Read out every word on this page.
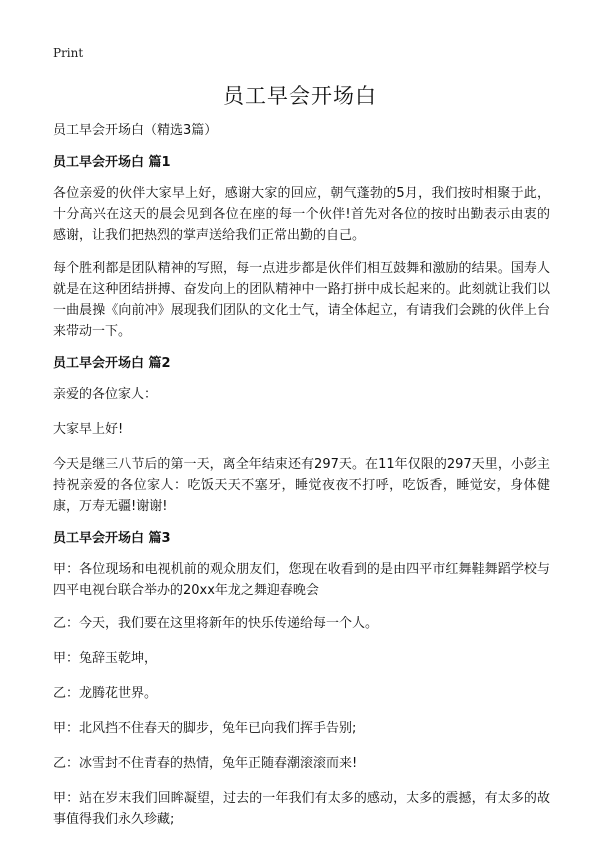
Print
员工早会开场白

员工早会开场白（精选3篇）

员工早会开场白 篇1

各位亲爱的伙伴大家早上好，感谢大家的回应，朝气蓬勃的5月，我们按时相聚于此，十分高兴在这天的晨会见到各位在座的每一个伙伴!首先对各位的按时出勤表示由衷的感谢，让我们把热烈的掌声送给我们正常出勤的自己。

每个胜利都是团队精神的写照，每一点进步都是伙伴们相互鼓舞和激励的结果。国寿人就是在这种团结拼搏、奋发向上的团队精神中一路打拼中成长起来的。此刻就让我们以一曲晨操《向前冲》展现我们团队的文化士气，请全体起立，有请我们会跳的伙伴上台来带动一下。

员工早会开场白 篇2

亲爱的各位家人：

大家早上好!

今天是继三八节后的第一天，离全年结束还有297天。在11年仅限的297天里，小彭主持祝亲爱的各位家人：吃饭天天不塞牙，睡觉夜夜不打呼，吃饭香，睡觉安，身体健康，万寿无疆!谢谢!

员工早会开场白 篇3

甲：各位现场和电视机前的观众朋友们，您现在收看到的是由四平市红舞鞋舞蹈学校与四平电视台联合举办的20xx年龙之舞迎春晚会

乙：今天，我们要在这里将新年的快乐传递给每一个人。

甲：兔辞玉乾坤，

乙：龙腾花世界。

甲：北风挡不住春天的脚步，兔年已向我们挥手告别;

乙：冰雪封不住青春的热情，兔年正随春潮滚滚而来!

甲：站在岁末我们回眸凝望，过去的一年我们有太多的感动，太多的震撼，有太多的故事值得我们永久珍藏;
